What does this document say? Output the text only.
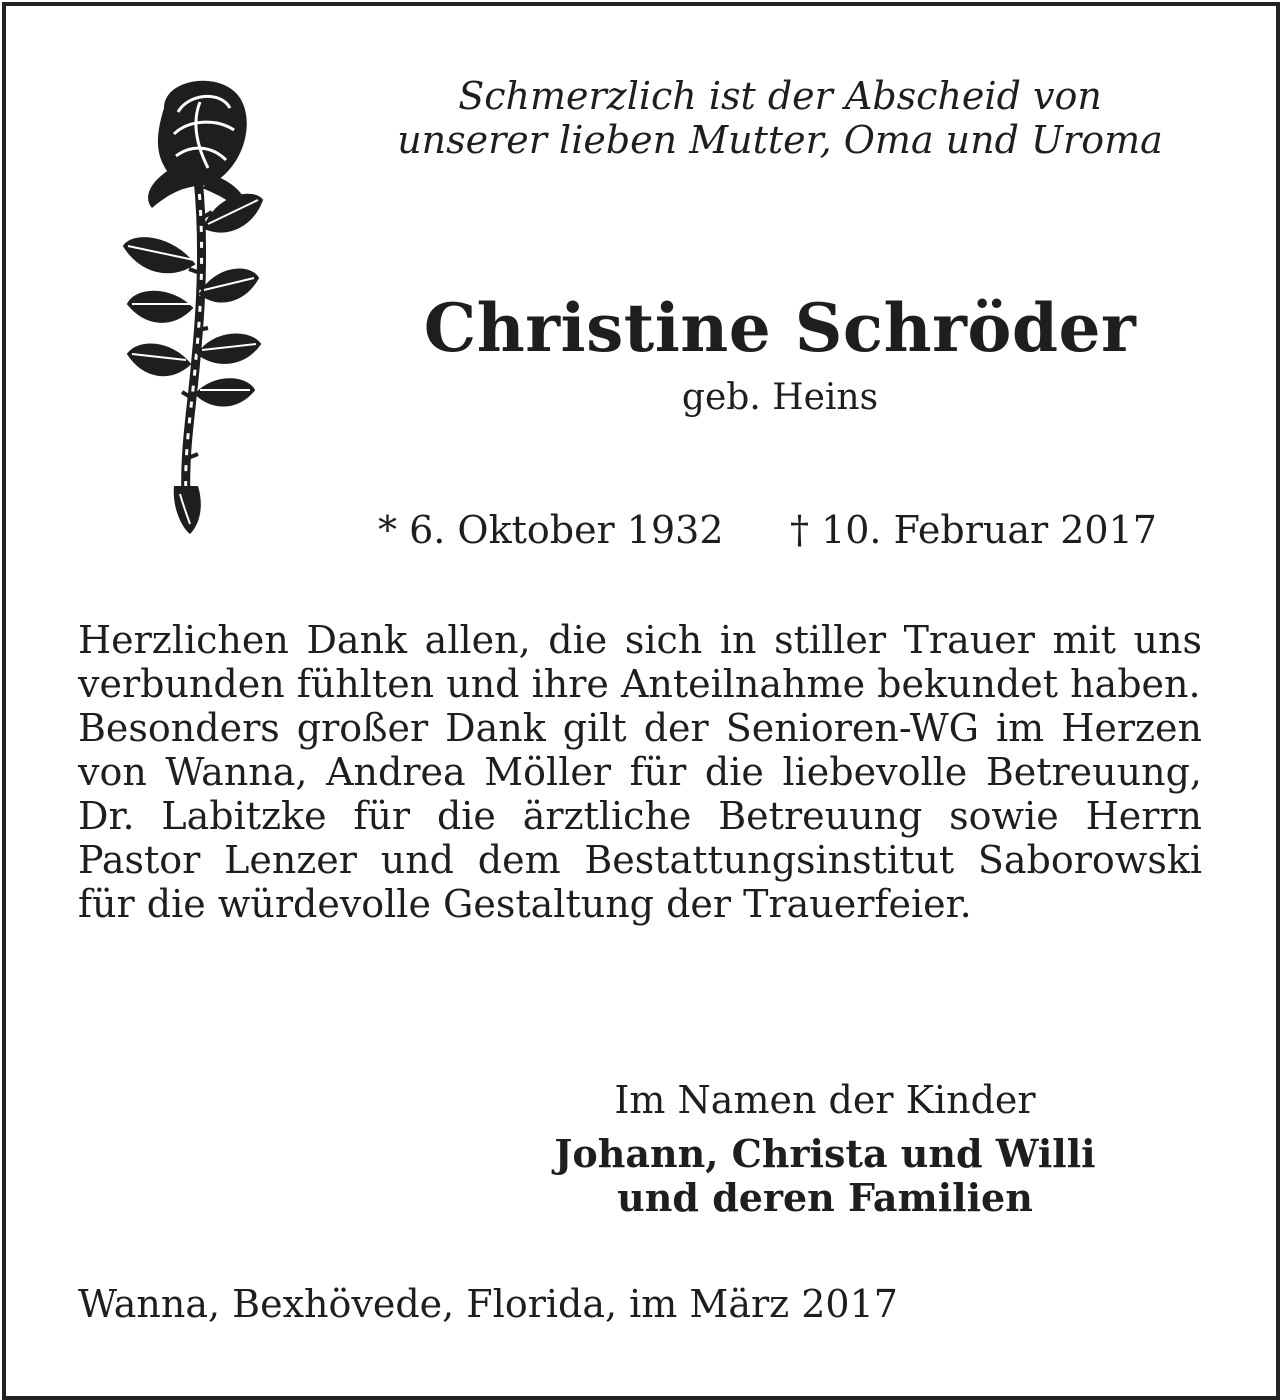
Schmerzlich ist der Abscheid von
unserer lieben Mutter, Oma und Uroma
Christine Schröder
geb. Heins
* 6. Oktober 1932 † 10. Februar 2017

Herzlichen Dank allen, die sich in stiller Trauer mit uns verbunden fühlten und ihre Anteilnahme bekundet haben.

Besonders großer Dank gilt der Senioren-WG im Herzen von Wanna, Andrea Möller für die liebevolle Betreuung, Dr. Labitzke für die ärztliche Betreuung sowie Herrn Pastor Lenzer und dem Bestattungsinstitut Saborowski für die würdevolle Gestaltung der Trauerfeier.

Im Namen der Kinder
Johann, Christa und Willi
und deren Familien
Wanna, Bexhövede, Florida, im März 2017
